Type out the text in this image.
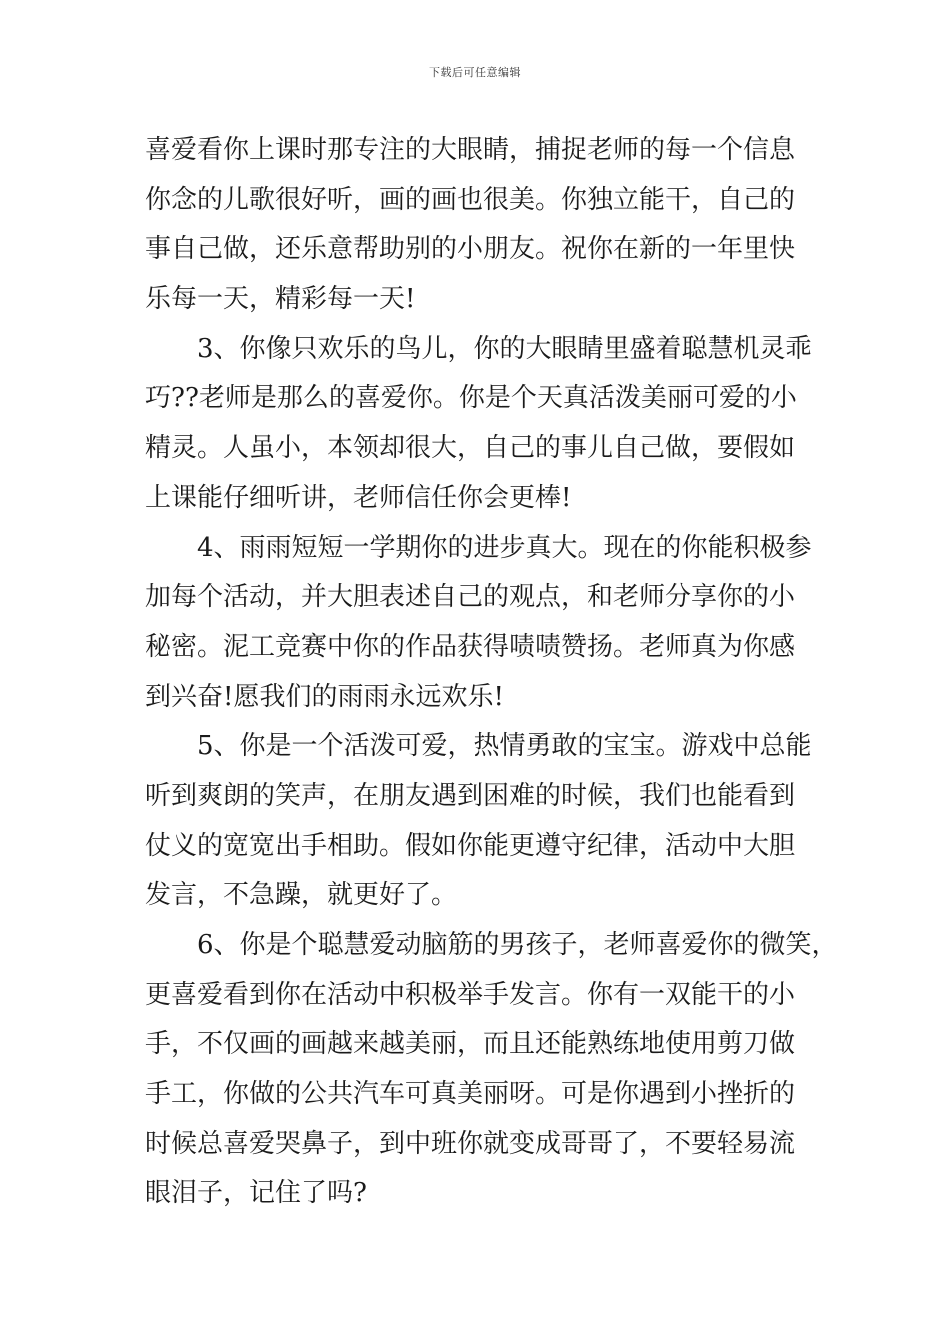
下载后可任意编辑
喜爱看你上课时那专注的大眼睛，捕捉老师的每一个信息
你念的儿歌很好听，画的画也很美。你独立能干，自己的
事自己做，还乐意帮助别的小朋友。祝你在新的一年里快
乐每一天，精彩每一天!
3、你像只欢乐的鸟儿，你的大眼睛里盛着聪慧机灵乖
巧??老师是那么的喜爱你。你是个天真活泼美丽可爱的小
精灵。人虽小，本领却很大，自己的事儿自己做，要假如
上课能仔细听讲，老师信任你会更棒!
4、雨雨短短一学期你的进步真大。现在的你能积极参
加每个活动，并大胆表述自己的观点，和老师分享你的小
秘密。泥工竞赛中你的作品获得啧啧赞扬。老师真为你感
到兴奋!愿我们的雨雨永远欢乐!
5、你是一个活泼可爱，热情勇敢的宝宝。游戏中总能
听到爽朗的笑声，在朋友遇到困难的时候，我们也能看到
仗义的宽宽出手相助。假如你能更遵守纪律，活动中大胆
发言，不急躁，就更好了。
6、你是个聪慧爱动脑筋的男孩子，老师喜爱你的微笑，
更喜爱看到你在活动中积极举手发言。你有一双能干的小
手，不仅画的画越来越美丽，而且还能熟练地使用剪刀做
手工，你做的公共汽车可真美丽呀。可是你遇到小挫折的
时候总喜爱哭鼻子，到中班你就变成哥哥了，不要轻易流
眼泪子，记住了吗?
